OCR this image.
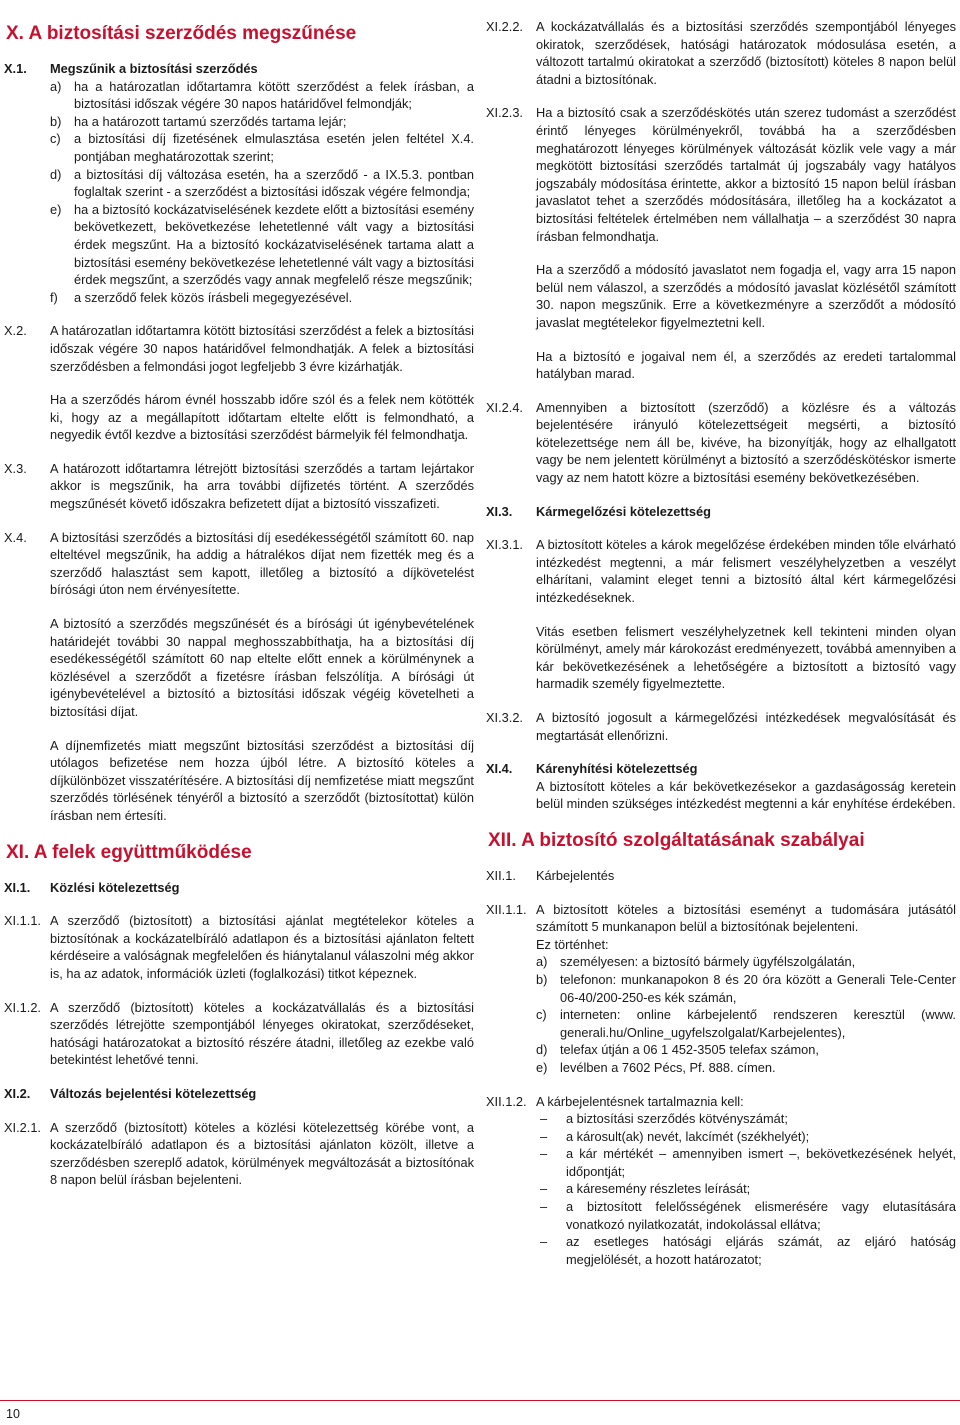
X. A biztosítási szerződés megszűnése
X.1.	Megszűnik a biztosítási szerződés
a) ha a határozatlan időtartamra kötött szerződést a felek írásban, a biztosítási időszak végére 30 napos határidővel felmondják;
b) ha a határozott tartamú szerződés tartama lejár;
c)	a biztosítási díj fizetésének elmulasztása esetén jelen feltétel X.4. pontjában meghatározottak szerint;
d) a biztosítási díj változása esetén, ha a szerződő - a IX.5.3. pontban foglaltak szerint - a szerződést a biztosítási időszak végére felmondja;
e) ha a biztosító kockázatviselésének kezdete előtt a biztosítási esemény bekövetkezett, bekövetkezése lehetetlenné vált vagy a biztosítási érdek megszűnt. Ha a biztosító kockázatviselésének tartama alatt a biztosítási esemény bekövetkezése lehetetlenné vált vagy a biztosítási érdek megszűnt, a szerződés vagy annak megfelelő része megszűnik;
f)	a szerződő felek közös írásbeli megegyezésével.
X.2.	A határozatlan időtartamra kötött biztosítási szerződést a felek a biztosítási időszak végére 30 napos határidővel felmondhatják. A felek a biztosítási szerződésben a felmondási jogot legfeljebb 3 évre kizárhatják.

Ha a szerződés három évnél hosszabb időre szól és a felek nem kötötték ki, hogy az a megállapított időtartam eltelte előtt is felmondható, a negyedik évtől kezdve a biztosítási szerződést bármelyik fél felmondhatja.

X.3.	A határozott időtartamra létrejött biztosítási szerződés a tartam lejártakor akkor is megszűnik, ha arra további díjfizetés történt. A szerződés megszűnését követő időszakra befizetett díjat a biztosító visszafizeti.

X.4.	A biztosítási szerződés a biztosítási díj esedékességétől számított 60. nap elteltével megszűnik, ha addig a hátralékos díjat nem fizették meg és a szerződő halasztást sem kapott, illetőleg a biztosító a díjkövetelést bírósági úton nem érvényesítette.

A biztosító a szerződés megszűnését és a bírósági út igénybevételének határidejét további 30 nappal meghosszabbíthatja, ha a biztosítási díj esedékességétől számított 60 nap eltelte előtt ennek a körülménynek a közlésével a szerződőt a fizetésre írásban felszólítja. A bírósági út igénybevételével a biztosító a biztosítási időszak végéig követelheti a biztosítási díjat.

A díjnemfizetés miatt megszűnt biztosítási szerződést a biztosítási díj utólagos befizetése nem hozza újból létre. A biztosító köteles a díjkülönbözet visszatérítésére. A biztosítási díj nemfizetése miatt megszűnt szerződés törlésének tényéről a biztosító a szerződőt (biztosítottat) külön írásban nem értesíti.

XI. A felek együttműködése
XI.1.	Közlési kötelezettség
XI.1.1. A szerződő (biztosított) a biztosítási ajánlat megtételekor köteles a biztosítónak a kockázatelbíráló adatlapon és a biztosítási ajánlaton feltett kérdéseire a valóságnak megfelelően és hiánytalanul válaszolni még akkor is, ha az adatok, információk üzleti (foglalkozási) titkot képeznek.

XI.1.2. A szerződő (biztosított) köteles a kockázatvállalás és a biztosítási szerződés létrejötte szempontjából lényeges okiratokat, szerződéseket, hatósági határozatokat a biztosító részére átadni, illetőleg az ezekbe való betekintést lehetővé tenni.

XI.2.	Változás bejelentési kötelezettség
XI.2.1. A szerződő (biztosított) köteles a közlési kötelezettség körébe vont, a kockázatelbíráló adatlapon és a biztosítási ajánlaton közölt, illetve a szerződésben szereplő adatok, körülmények megváltozását a biztosítónak 8 napon belül írásban bejelenteni.

XI.2.2.	A kockázatvállalás és a biztosítási szerződés szempontjából lényeges okiratok, szerződések, hatósági határozatok módosulása esetén, a változott tartalmú okiratokat a szerződő (biztosított) köteles 8 napon belül átadni a biztosítónak.

XI.2.3.	Ha a biztosító csak a szerződéskötés után szerez tudomást a szerződést érintő lényeges körülményekről, továbbá ha a szerződésben meghatározott lényeges körülmények változását közlik vele vagy a már megkötött biztosítási szerződés tartalmát új jogszabály vagy hatályos jogszabály módosítása érintette, akkor a biztosító 15 napon belül írásban javaslatot tehet a szerződés módosítására, illetőleg ha a kockázatot a biztosítási feltételek értelmében nem vállalhatja – a szerződést 30 napra írásban felmondhatja.

Ha a szerződő a módosító javaslatot nem fogadja el, vagy arra 15 napon belül nem válaszol, a szerződés a módosító javaslat közlésétől számított 30. napon megszűnik. Erre a következményre a szerződőt a módosító javaslat megtételekor figyelmeztetni kell.

Ha a biztosító e jogaival nem él, a szerződés az eredeti tartalommal hatályban marad.

XI.2.4.	Amennyiben a biztosított (szerződő) a közlésre és a változás bejelentésére irányuló kötelezettségeit megsérti, a biztosító kötelezettsége nem áll be, kivéve, ha bizonyítják, hogy az elhallgatott vagy be nem jelentett körülményt a biztosító a szerződéskötéskor ismerte vagy az nem hatott közre a biztosítási esemény bekövetkezésében.

XI.3.	Kármegelőzési kötelezettség
XI.3.1.	A biztosított köteles a károk megelőzése érdekében minden tőle elvárható intézkedést megtenni, a már felismert veszélyhelyzetben a veszélyt elhárítani, valamint eleget tenni a biztosító által kért kármegelőzési intézkedéseknek.

Vitás esetben felismert veszélyhelyzetnek kell tekinteni minden olyan körülményt, amely már károkozást eredményezett, továbbá amennyiben a kár bekövetkezésének a lehetőségére a biztosított a biztosító vagy harmadik személy figyelmeztette.

XI.3.2.	A biztosító jogosult a kármegelőzési intézkedések megvalósítását és megtartását ellenőrizni.

XI.4.	Kárenyhítési kötelezettség

A biztosított köteles a kár bekövetkezésekor a gazdaságosság keretein belül minden szükséges intézkedést megtenni a kár enyhítése érdekében.

XII. A biztosító szolgáltatásának szabályai
XII.1.	Kárbejelentés
XII.1.1. A biztosított köteles a biztosítási eseményt a tudomására jutásától számított 5 munkanapon belül a biztosítónak bejelenteni.
Ez történhet:
a) személyesen: a biztosító bármely ügyfélszolgálatán,
b) telefonon: munkanapokon 8 és 20 óra között a Generali Tele-Center 06-40/200-250-es kék számán,
c)	interneten: online kárbejelentő rendszeren keresztül (www. generali.hu/Online_ugyfelszolgalat/Karbejelentes),
d) telefax útján a 06 1 452-3505 telefax számon,
e) levélben a 7602 Pécs, Pf. 888. címen.
XII.1.2. A kárbejelentésnek tartalmaznia kell:
–	a biztosítási szerződés kötvényszámát;
–	a károsult(ak) nevét, lakcímét (székhelyét);
–	a kár mértékét – amennyiben ismert –, bekövetkezésének helyét, időpontját;
–	a káresemény részletes leírását;
–	a biztosított felelősségének elismerésére vagy elutasítására vonatkozó nyilatkozatát, indokolással ellátva;
–	az esetleges hatósági eljárás számát, az eljáró hatóság megjelölését, a hozott határozatot;
10
